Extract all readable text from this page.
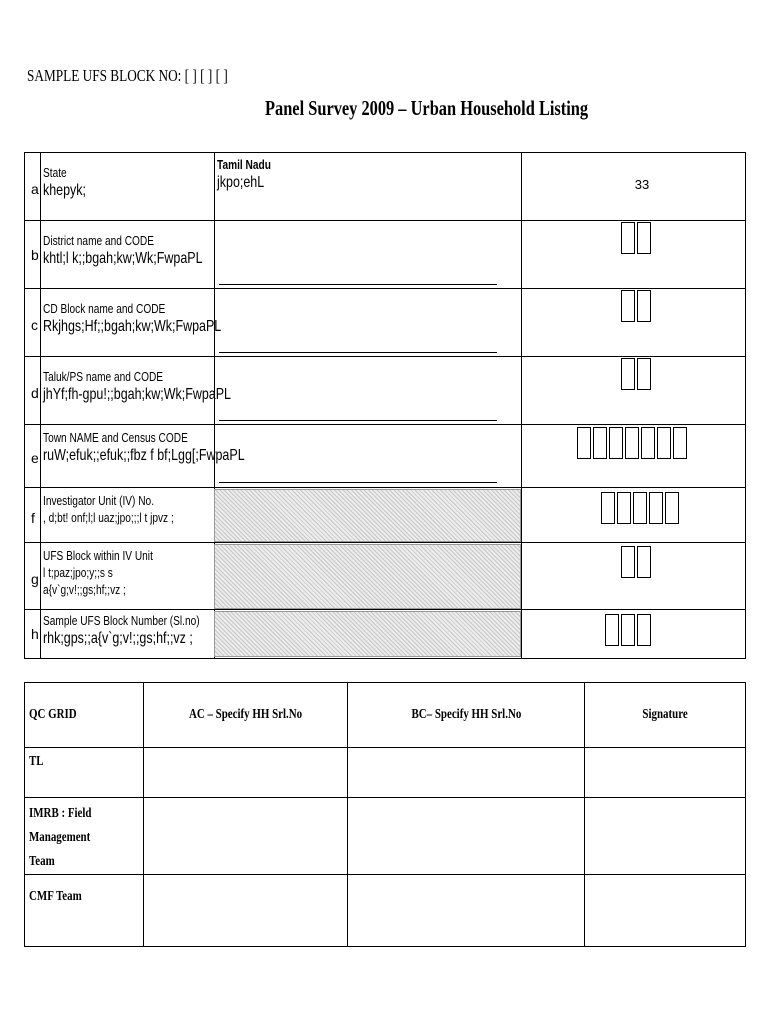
SAMPLE UFS BLOCK NO: [ ] [ ] [ ]
Panel Survey 2009 – Urban Household Listing
a
State
khepyk;
Tamil Nadu
jkpo;ehL	33
b
District name and CODE
khtl;l k;;bgah;kw;Wk;FwpaPL
c
CD Block name and CODE
Rkjhgs;Hf;;bgah;kw;Wk;FwpaPL
d
Taluk/PS name and CODE
jhYf;fh-gpu!;;bgah;kw;Wk;FwpaPL
e
Town NAME and Census CODE
ruW;efuk;;efuk;;fbz f bf;Lgg[;FwpaPL
f
Investigator Unit (IV) No.
, d;bt! onf;l;l uaz;jpo;;;l t jpvz ;
g
UFS Block within IV Unit
l t;paz;jpo;y;;s s
a{v`g;v!;;gs;hf;;vz ;
h
Sample UFS Block Number (Sl.no)
rhk;gps;;a{v`g;v!;;gs;hf;;vz ;
QC GRID	AC – Specify HH Srl.No	BC– Specify HH Srl.No	Signature
TL			
IMRB : Field Management Team			
CMF Team			
